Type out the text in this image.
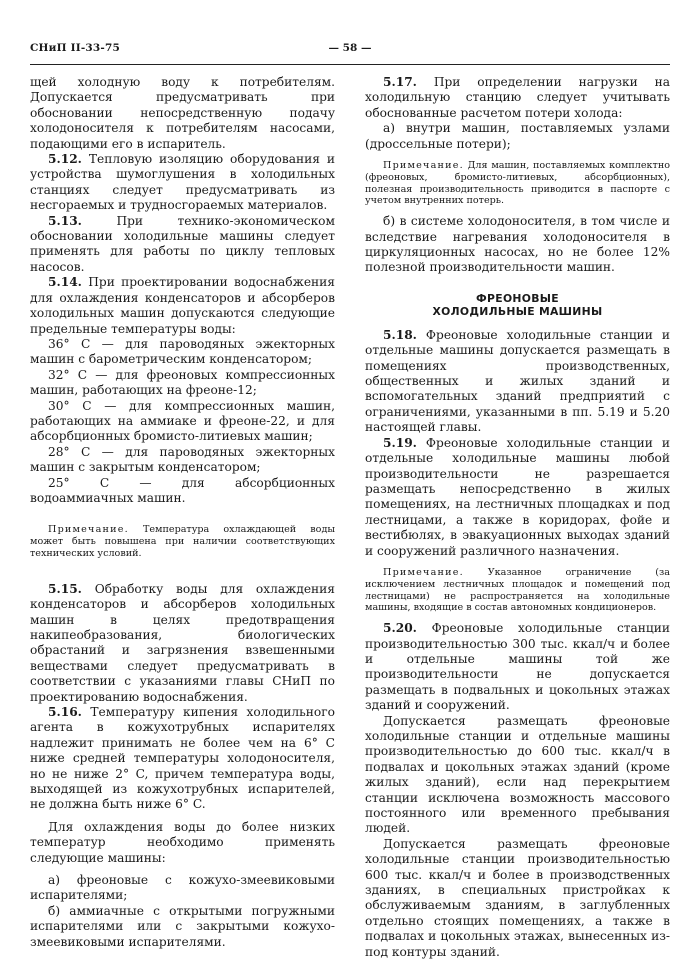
СНиП II-33-75	— 58 —

щей холодную воду к потребителям. Допускается предусматривать при обосновании непосредственную подачу холодоносителя к потребителям насосами, подающими его в испаритель.

5.12. Тепловую изоляцию оборудования и устройства шумоглушения в холодильных станциях следует предусматривать из несгораемых и трудносгораемых материалов.

5.13.	При технико-экономическом обосновании холодильные машины следует применять для работы по циклу тепловых насосов.

5.14. При проектировании водоснабжения для охлаждения конденсаторов и абсорберов холодильных машин допускаются следующие предельные температуры воды:

36° C — для пароводяных эжекторных машин с барометрическим конденсатором;

32° C — для фреоновых компрессионных машин, работающих на фреоне-12;

30° C — для компрессионных машин, работающих на аммиаке и фреоне-22, и для абсорбционных бромисто-литиевых машин;

28° C — для пароводяных эжекторных машин с закрытым конденсатором;

25° C — для абсорбционных водоаммиачных машин.

Примечание. Температура охлаждающей воды может быть повышена при наличии соответствующих технических условий.

5.15. Обработку воды для охлаждения конденсаторов и абсорберов холодильных машин в целях предотвращения накипеобразования, биологических обрастаний и загрязнения взвешенными веществами следует предусматривать в соответствии с указаниями главы СНиП по проектированию водоснабжения.

5.16. Температуру кипения холодильного агента в кожухотрубных испарителях надлежит принимать не более чем на 6° C ниже средней температуры холодоносителя, но не ниже 2° C, причем температура воды, выходящей из кожухотрубных испарителей, не должна быть ниже 6° C.

Для охлаждения воды до более низких температур необходимо применять следующие машины:

а) фреоновые с кожухо-змеевиковыми испарителями;

б) аммиачные с открытыми погружными испарителями или с закрытыми кожухо-змеевиковыми испарителями.

5.17. При определении нагрузки на холодильную станцию следует учитывать обоснованные расчетом потери холода:

а) внутри машин, поставляемых узлами (дроссельные потери);

Примечание. Для машин, поставляемых комплектно (фреоновых, бромисто-литиевых, абсорбционных), полезная производительность приводится в паспорте с учетом внутренних потерь.

б) в системе холодоносителя, в том числе и вследствие нагревания холодоносителя в циркуляционных насосах, но не более 12% полезной производительности машин.

ФРЕОНОВЫЕ
ХОЛОДИЛЬНЫЕ МАШИНЫ

5.18. Фреоновые холодильные станции и отдельные машины допускается размещать в помещениях производственных, общественных и жилых зданий и вспомогательных зданий предприятий с ограничениями, указанными в пп. 5.19 и 5.20 настоящей главы.

5.19. Фреоновые холодильные станции и отдельные холодильные машины любой производительности не разрешается размещать непосредственно в жилых помещениях, на лестничных площадках и под лестницами, а также в коридорах, фойе и вестибюлях, в эвакуационных выходах зданий и сооружений различного назначения.

Примечание. Указанное ограничение (за исключением лестничных площадок и помещений под лестницами) не распространяется на холодильные машины, входящие в состав автономных кондиционеров.

5.20. Фреоновые холодильные станции производительностью 300 тыс. ккал/ч и более и отдельные машины той же производительности не допускается размещать в подвальных и цокольных этажах зданий и сооружений.

Допускается размещать фреоновые холодильные станции и отдельные машины производительностью до 600 тыс. ккал/ч в подвалах и цокольных этажах зданий (кроме жилых зданий), если над перекрытием станции исключена возможность массового постоянного или временного пребывания людей.

Допускается размещать фреоновые холодильные станции производительностью 600 тыс. ккал/ч и более в производственных зданиях, в специальных пристройках к обслуживаемым зданиям, в заглубленных отдельно стоящих помещениях, а также в подвалах и цокольных этажах, вынесенных из-под контуры зданий.
